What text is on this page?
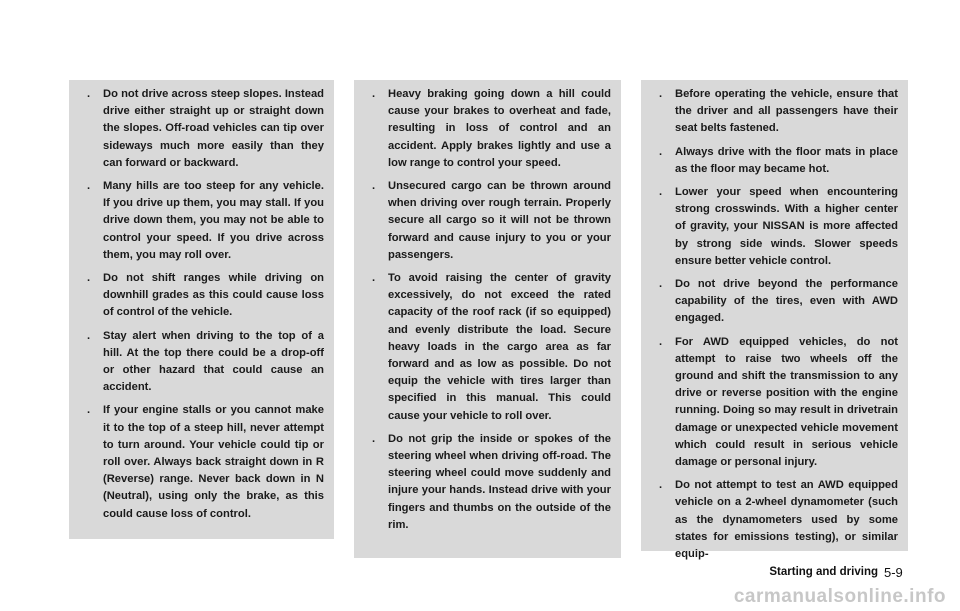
. Do not drive across steep slopes. Instead drive either straight up or straight down the slopes. Off-road vehicles can tip over sideways much more easily than they can forward or backward.
. Many hills are too steep for any vehicle. If you drive up them, you may stall. If you drive down them, you may not be able to control your speed. If you drive across them, you may roll over.
. Do not shift ranges while driving on downhill grades as this could cause loss of control of the vehicle.
. Stay alert when driving to the top of a hill. At the top there could be a drop-off or other hazard that could cause an accident.
. If your engine stalls or you cannot make it to the top of a steep hill, never attempt to turn around. Your vehicle could tip or roll over. Always back straight down in R (Reverse) range. Never back down in N (Neutral), using only the brake, as this could cause loss of control.
. Heavy braking going down a hill could cause your brakes to overheat and fade, resulting in loss of control and an accident. Apply brakes lightly and use a low range to control your speed.
. Unsecured cargo can be thrown around when driving over rough terrain. Properly secure all cargo so it will not be thrown forward and cause injury to you or your passengers.
. To avoid raising the center of gravity excessively, do not exceed the rated capacity of the roof rack (if so equipped) and evenly distribute the load. Secure heavy loads in the cargo area as far forward and as low as possible. Do not equip the vehicle with tires larger than specified in this manual. This could cause your vehicle to roll over.
. Do not grip the inside or spokes of the steering wheel when driving off-road. The steering wheel could move suddenly and injure your hands. Instead drive with your fingers and thumbs on the outside of the rim.
. Before operating the vehicle, ensure that the driver and all passengers have their seat belts fastened.
. Always drive with the floor mats in place as the floor may became hot.
. Lower your speed when encountering strong crosswinds. With a higher center of gravity, your NISSAN is more affected by strong side winds. Slower speeds ensure better vehicle control.
. Do not drive beyond the performance capability of the tires, even with AWD engaged.
. For AWD equipped vehicles, do not attempt to raise two wheels off the ground and shift the transmission to any drive or reverse position with the engine running. Doing so may result in drivetrain damage or unexpected vehicle movement which could result in serious vehicle damage or personal injury.
. Do not attempt to test an AWD equipped vehicle on a 2-wheel dynamometer (such as the dynamometers used by some states for emissions testing), or similar equip-
Starting and driving 5-9
carmanualsonline.info
